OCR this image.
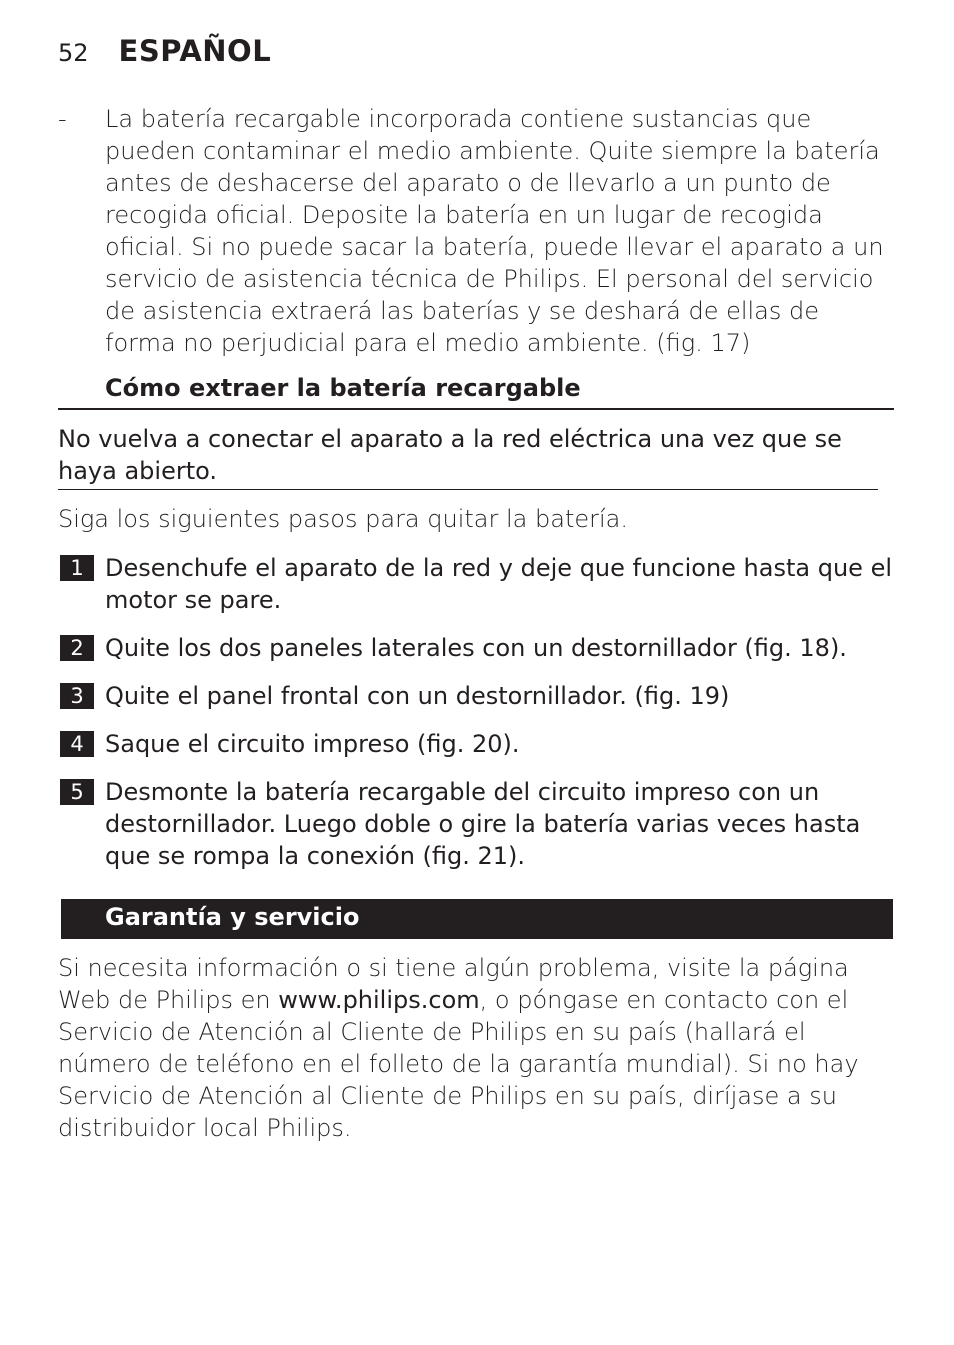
52 ESPAÑOL
- La batería recargable incorporada contiene sustancias que pueden contaminar el medio ambiente. Quite siempre la batería antes de deshacerse del aparato o de llevarlo a un punto de recogida oficial. Deposite la batería en un lugar de recogida oficial. Si no puede sacar la batería, puede llevar el aparato a un servicio de asistencia técnica de Philips. El personal del servicio de asistencia extraerá las baterías y se deshará de ellas de forma no perjudicial para el medio ambiente. (fig. 17)
Cómo extraer la batería recargable
No vuelva a conectar el aparato a la red eléctrica una vez que se haya abierto.
Siga los siguientes pasos para quitar la batería.
1 Desenchufe el aparato de la red y deje que funcione hasta que el motor se pare.
2 Quite los dos paneles laterales con un destornillador (fig. 18).
3 Quite el panel frontal con un destornillador. (fig. 19)
4 Saque el circuito impreso (fig. 20).
5 Desmonte la batería recargable del circuito impreso con un destornillador. Luego doble o gire la batería varias veces hasta que se rompa la conexión (fig. 21).
Garantía y servicio
Si necesita información o si tiene algún problema, visite la página Web de Philips en www.philips.com, o póngase en contacto con el Servicio de Atención al Cliente de Philips en su país (hallará el número de teléfono en el folleto de la garantía mundial). Si no hay Servicio de Atención al Cliente de Philips en su país, diríjase a su distribuidor local Philips.
